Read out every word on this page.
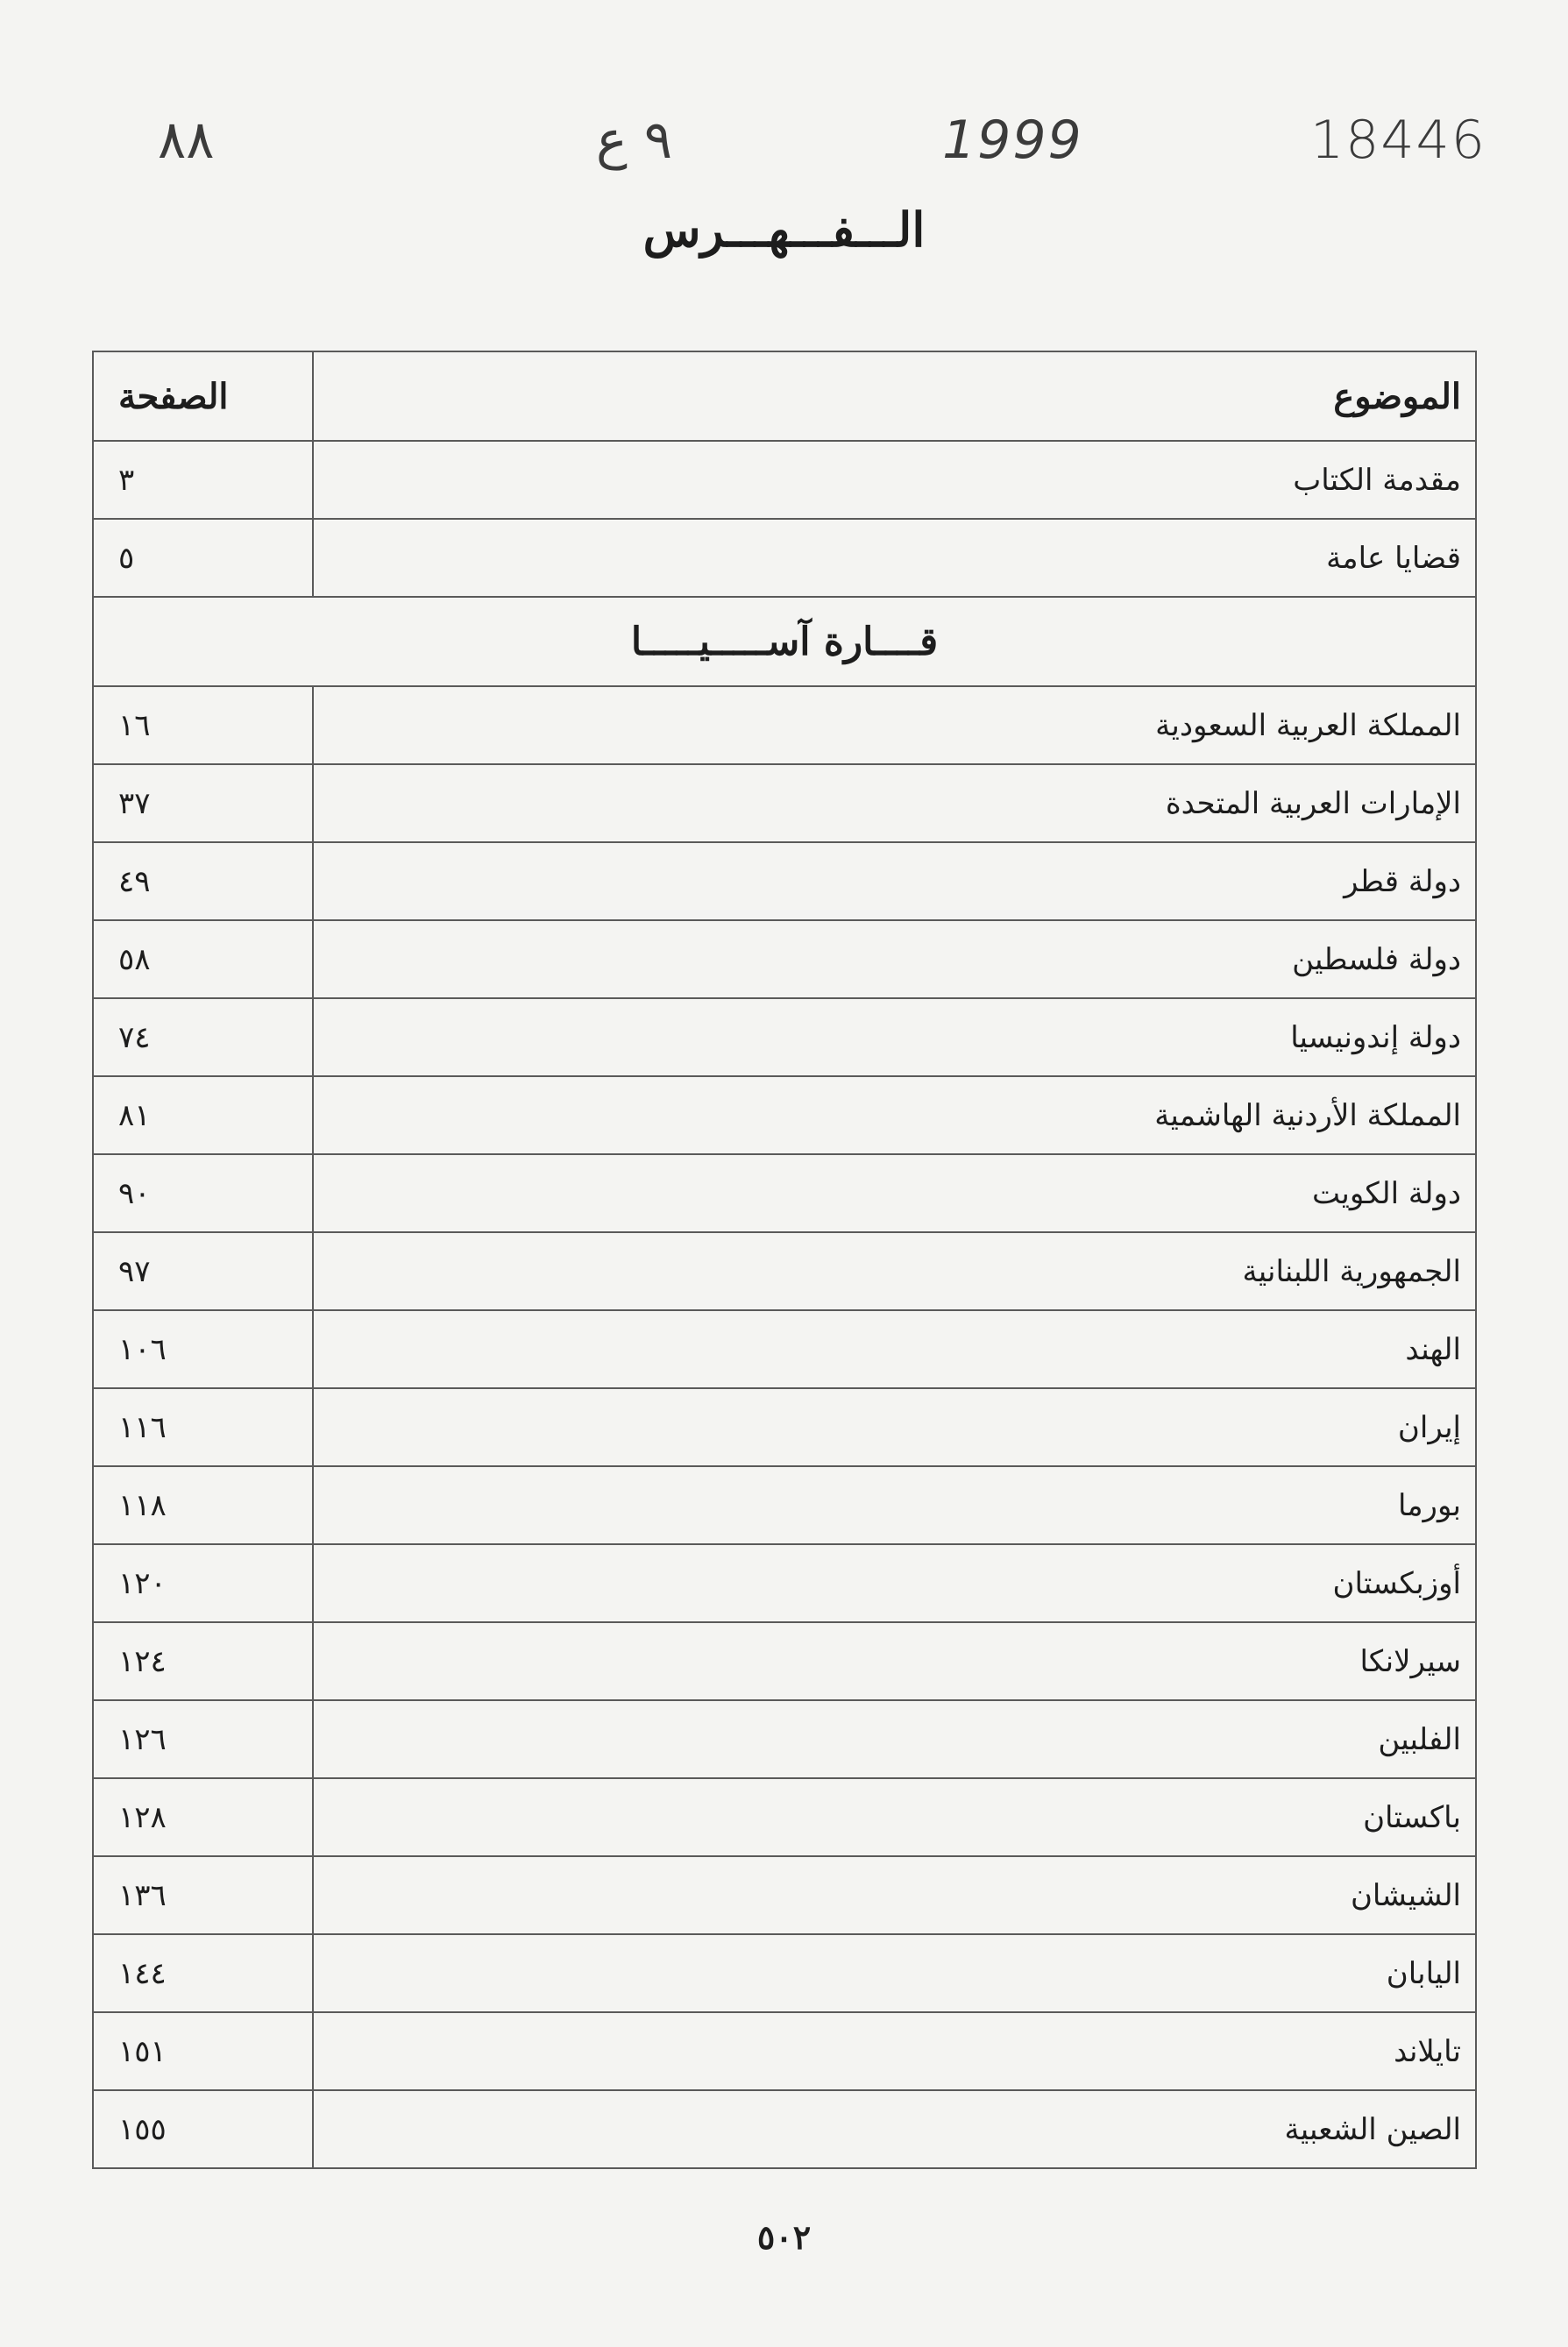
٨٨	٩ ع	1999	18446
الـــفـــهـــرس
الموضوع	الصفحة
مقدمة الكتاب	٣
قضايا عامة	٥
قــــارة آســـــيـــــا	
المملكة العربية السعودية	١٦
الإمارات العربية المتحدة	٣٧
دولة قطر	٤٩
دولة فلسطين	٥٨
دولة إندونيسيا	٧٤
المملكة الأردنية الهاشمية	٨١
دولة الكويت	٩٠
الجمهورية اللبنانية	٩٧
الهند	١٠٦
إيران	١١٦
بورما	١١٨
أوزبكستان	١٢٠
سيرلانكا	١٢٤
الفلبين	١٢٦
باكستان	١٢٨
الشيشان	١٣٦
اليابان	١٤٤
تايلاند	١٥١
الصين الشعبية	١٥٥
٥٠٢
